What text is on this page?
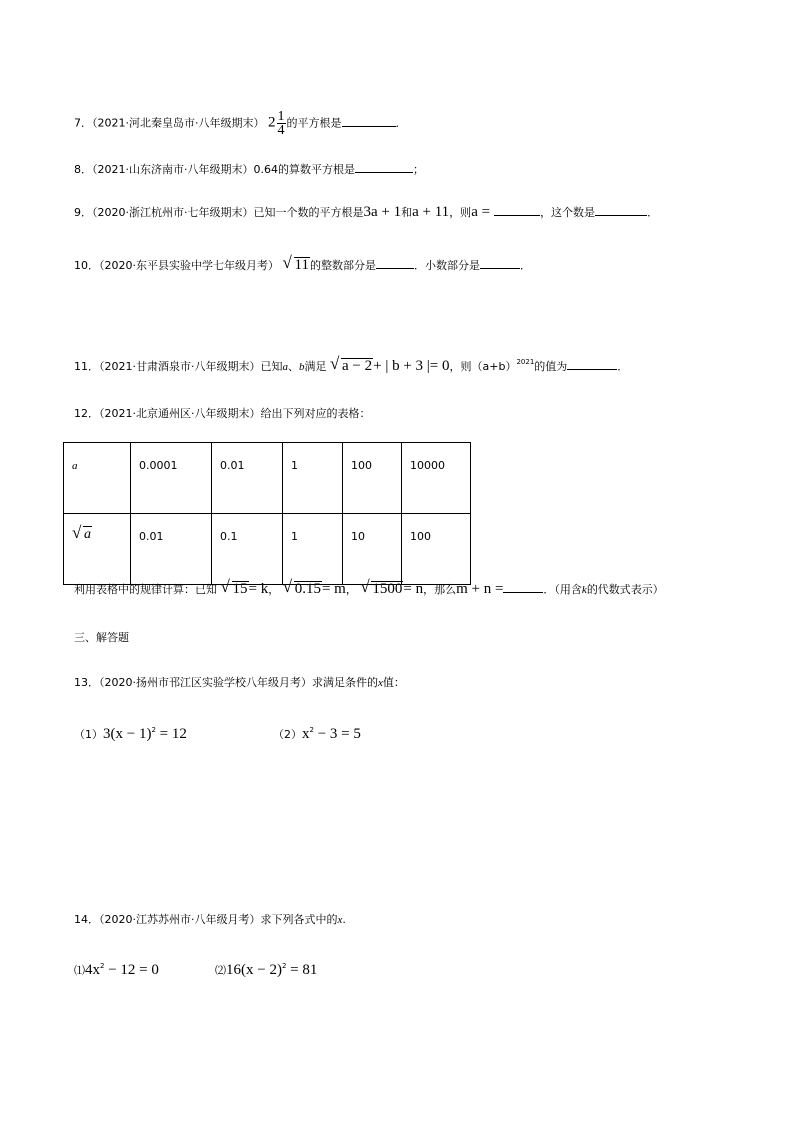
7．（2021·河北秦皇岛市·八年级期末） $2 \frac{1}{4}$ 的平方根是	．
8．（2021·山东济南市·八年级期末）0.64的算数平方根是	；
9．（2020·浙江杭州市·七年级期末）已知一个数的平方根是3a + 1和a + 11，则a =	，这个数是	．
10．（2020·东平县实验中学七年级月考） √ 11的整数部分是	．小数部分是	．
11．（2021·甘肃酒泉市·八年级期末）已知a、b满足 √ a − 2+ | b + 3 |= 0，则$(a+b)^{2021}$的值为	．
12．（2021·北京通州区·八年级期末）给出下列对应的表格：
a	0.0001	0.01	1	100	10000

√ a	0.01	0.1	1	10	100
利用表格中的规律计算：已知 √ 15= k， √ 0.15= m， √ 1500= n，那么m + n =	．（用含k的代数式表示）
三、解答题
13．（2020·扬州市邗江区实验学校八年级月考）求满足条件的x值：
$(1)3(x - 1)^2 = 12$	$(2)x^2 - 3 = 5$
14．（2020·江苏苏州市·八年级月考）求下列各式中的x.
$⑴4x^2 - 12 = 0$	⑵16(x − 2)$^2$ = 81
